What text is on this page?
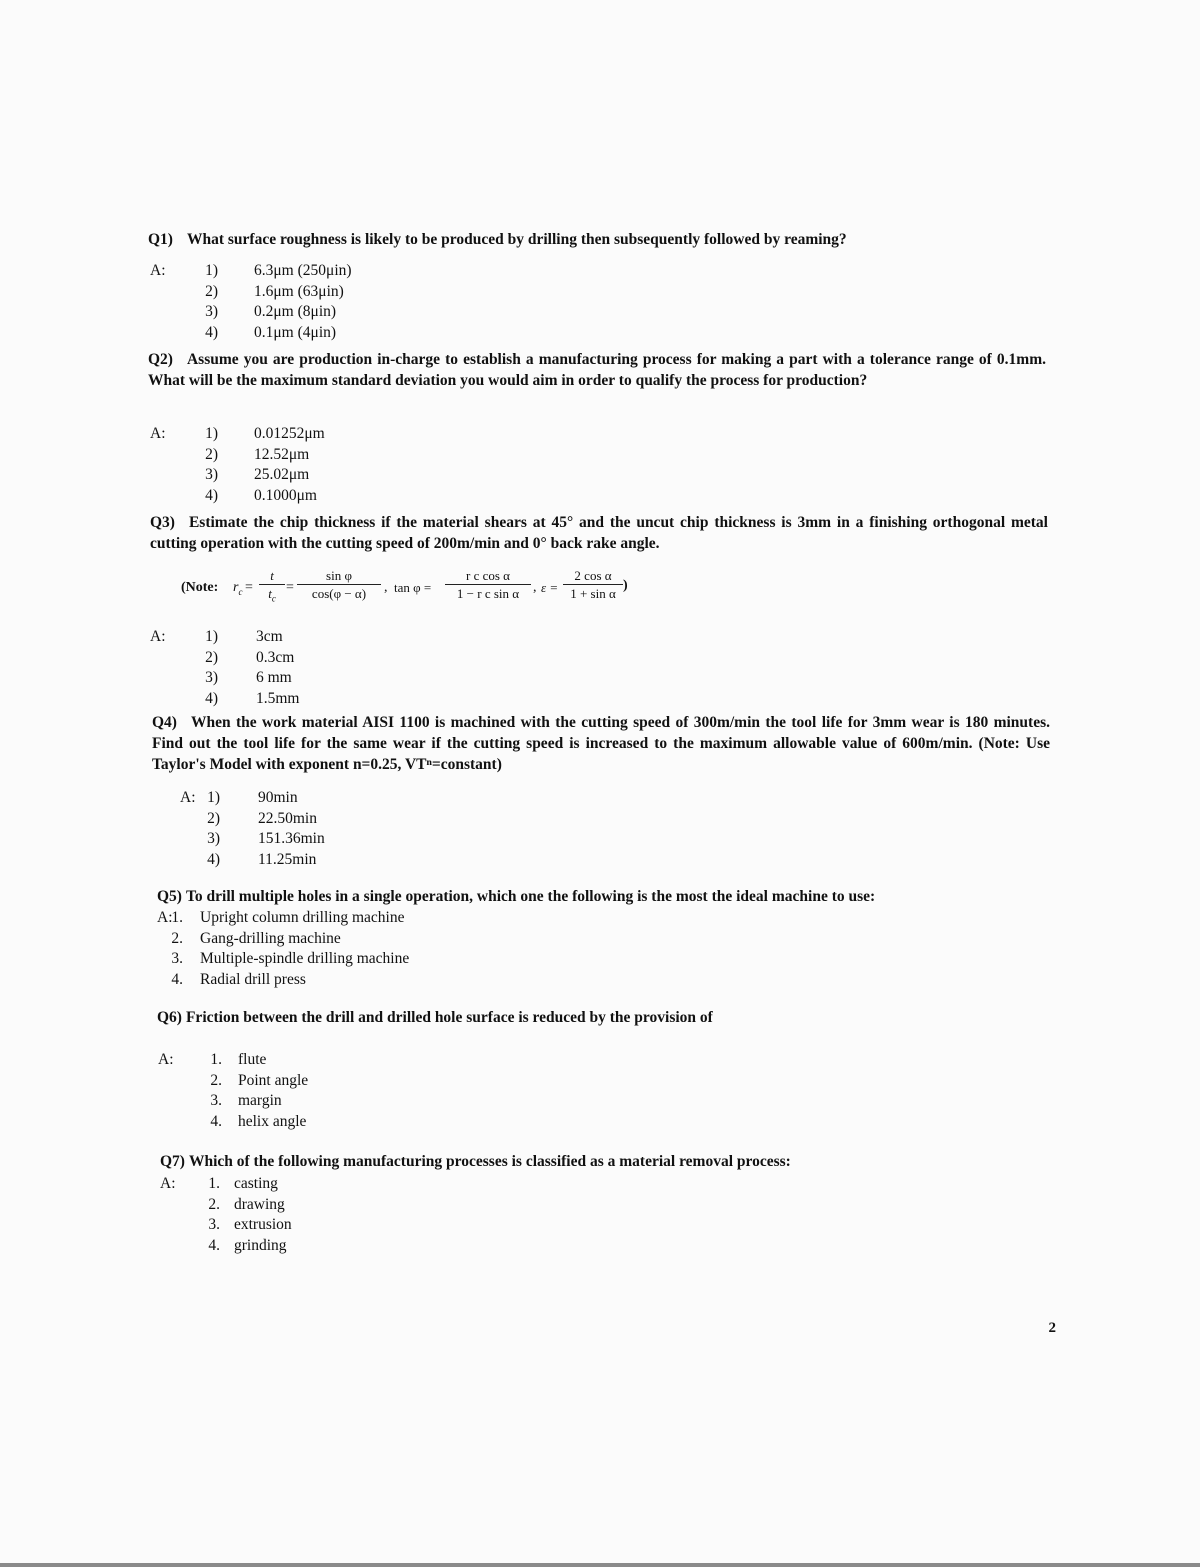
Q1) What surface roughness is likely to be produced by drilling then subsequently followed by reaming?
A:	1) 6.3μm (250μin)
2) 1.6μm (63μin)
3) 0.2μm (8μin)
4) 0.1μm (4μin)
Q2) Assume you are production in-charge to establish a manufacturing process for making a part with a tolerance range of 0.1mm. What will be the maximum standard deviation you would aim in order to qualify the process for production?
A:	1) 0.01252μm
2) 12.52μm
3) 25.02μm
4) 0.1000μm
Q3) Estimate the chip thickness if the material shears at 45° and the uncut chip thickness is 3mm in a finishing orthogonal metal cutting operation with the cutting speed of 200m/min and 0° back rake angle.
(Note: $r_c = \frac{t}{t_c} = \frac{\text{sin φ}}{\cos(\varphi - \alpha)}$ , $\tan \varphi = \frac{\text{r c cos α}}{\text{1 − r c sin α}}$ , $\varepsilon = \frac{\text{2 cos α}}{\text{1 + sin α}}$ )
A:	1) 3cm
2) 0.3cm
3) 6 mm
4) 1.5mm
Q4) When the work material AISI 1100 is machined with the cutting speed of 300m/min the tool life for 3mm wear is 180 minutes. Find out the tool life for the same wear if the cutting speed is increased to the maximum allowable value of 600m/min. (Note: Use Taylor's Model with exponent n=0.25, VTⁿ=constant)
A: 1) 90min
2) 22.50min
3) 151.36min
4) 11.25min
Q5) To drill multiple holes in a single operation, which one the following is the most the ideal machine to use:
A:
1. Upright column drilling machine
2. Gang-drilling machine
3. Multiple-spindle drilling machine
4. Radial drill press
Q6) Friction between the drill and drilled hole surface is reduced by the provision of
A:	1. flute
2. Point angle
3. margin
4. helix angle
Q7) Which of the following manufacturing processes is classified as a material removal process:
A:	1. casting
2. drawing
3. extrusion
4. grinding
2
